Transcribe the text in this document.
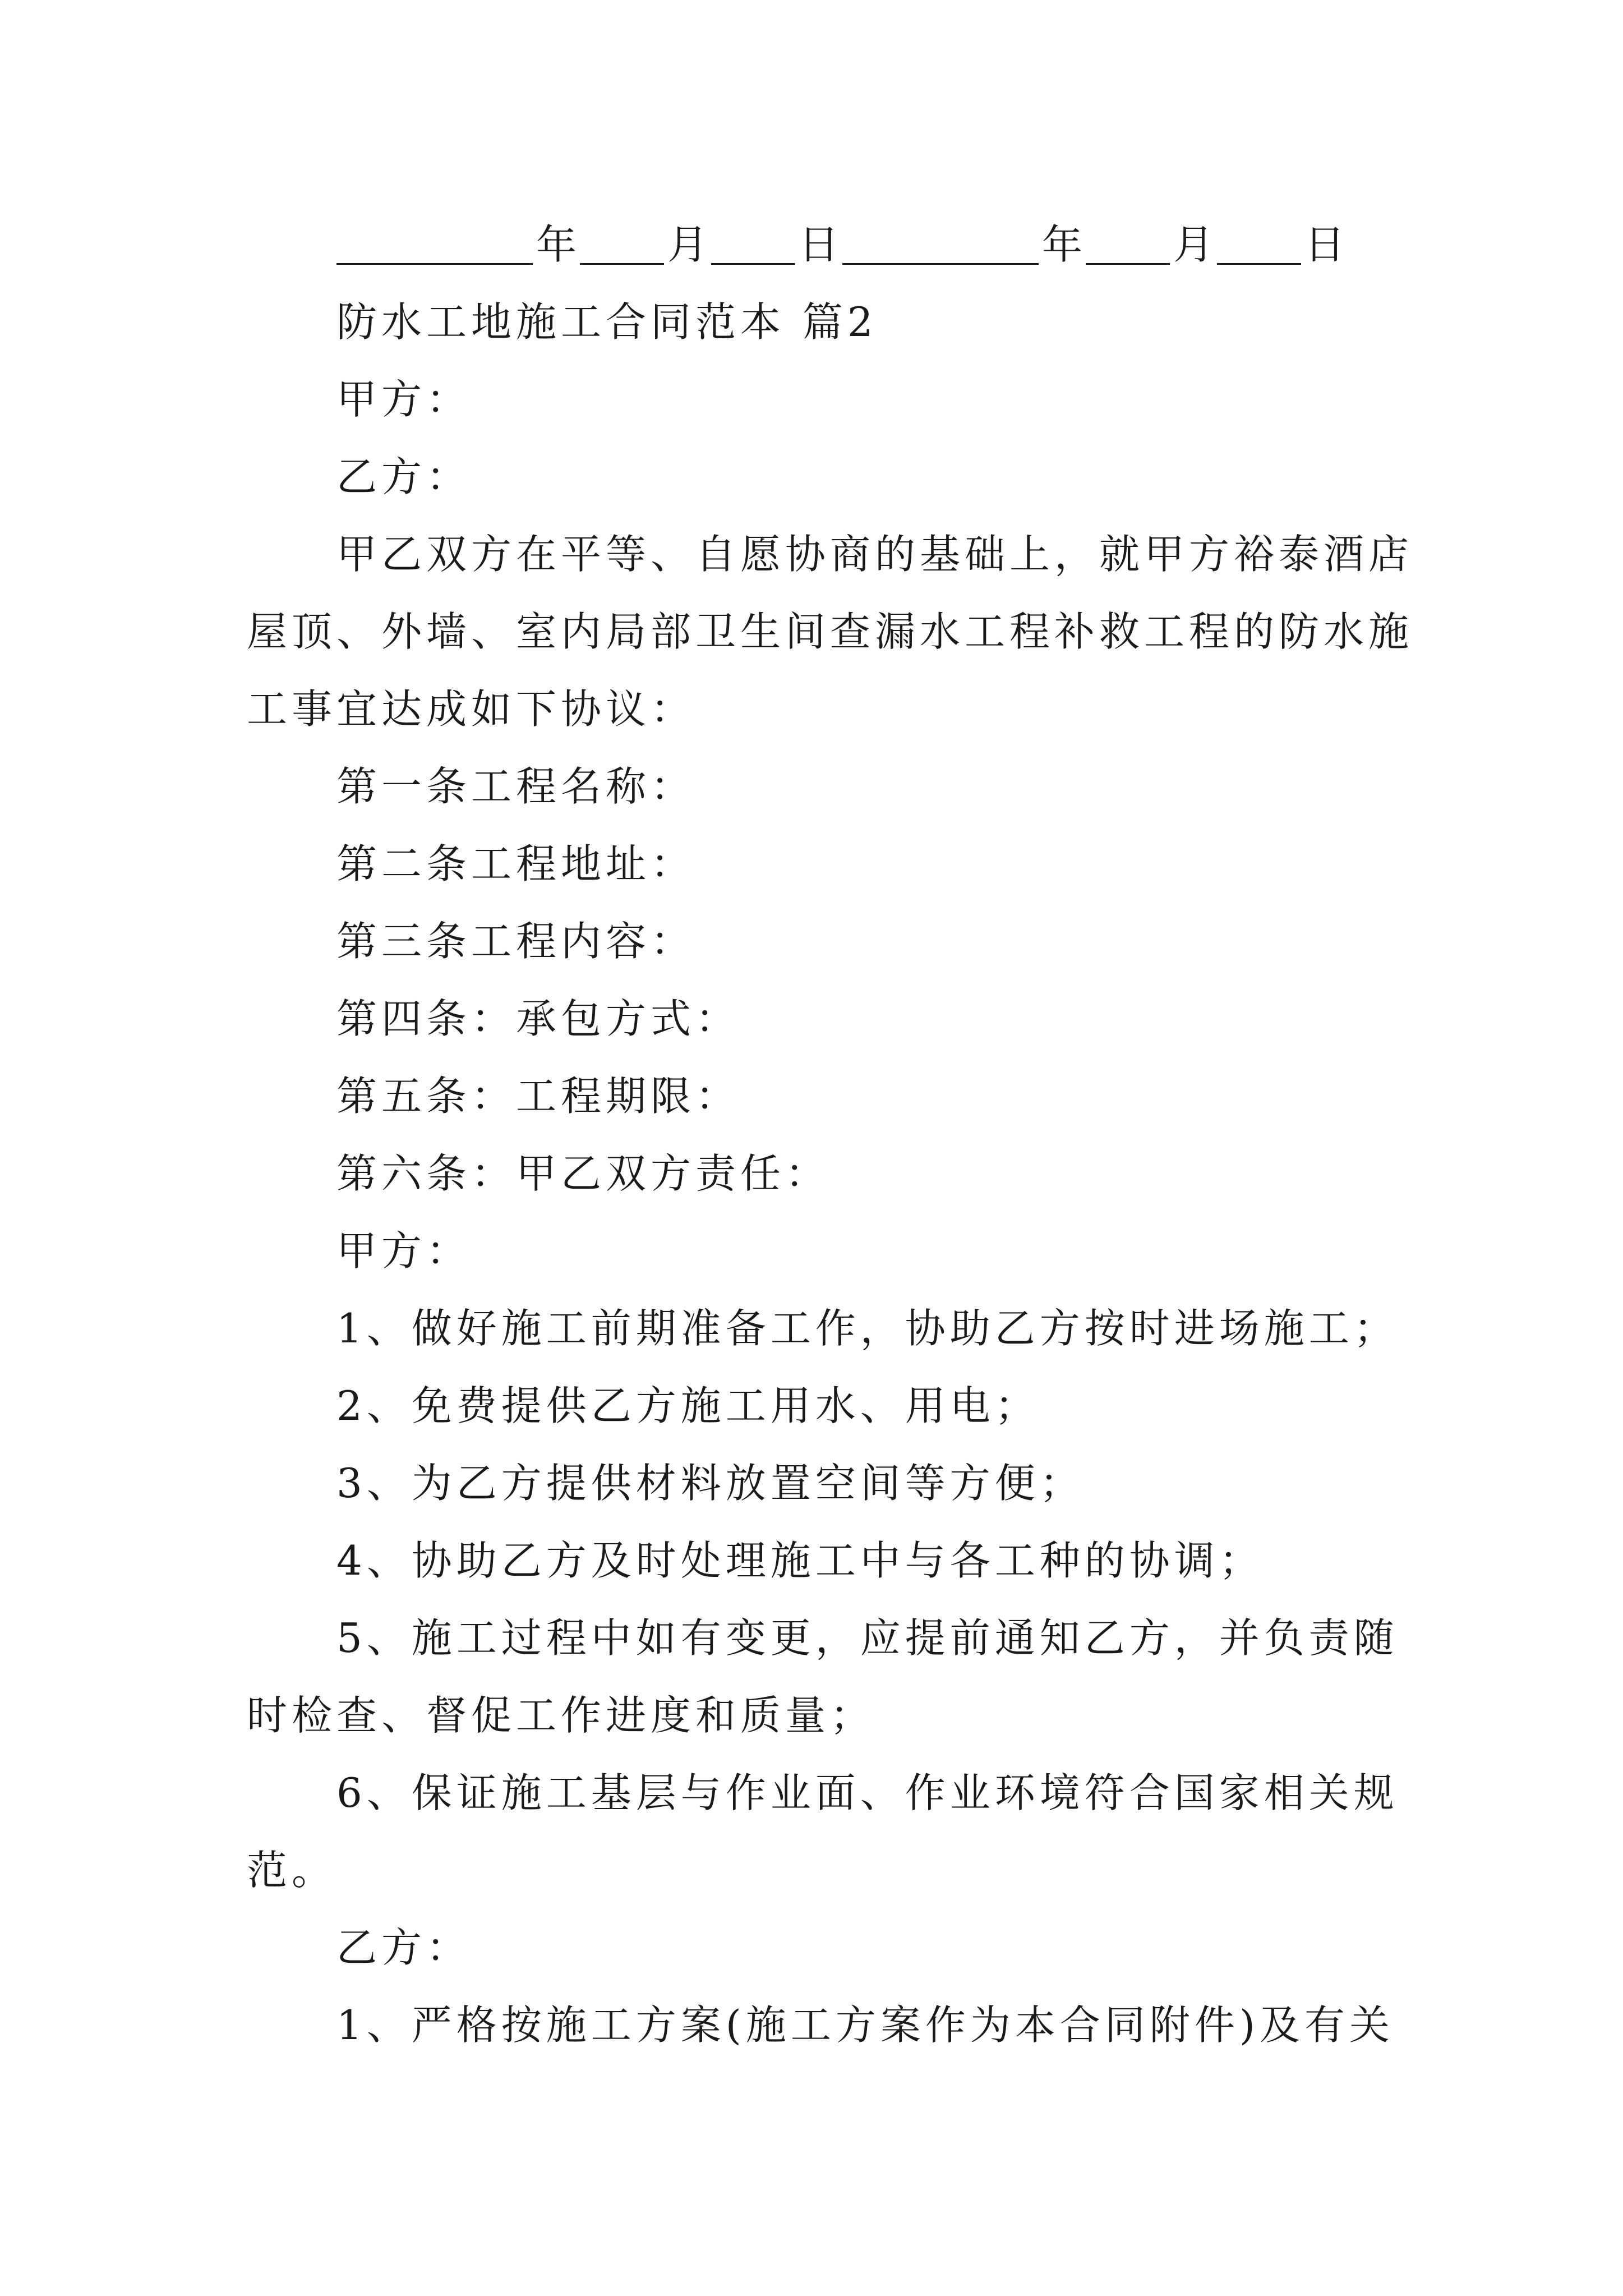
年 月 日	年 月 日
防水工地施工合同范本 篇2
甲方：
乙方：
甲乙双方在平等、自愿协商的基础上，就甲方裕泰酒店
屋顶、外墙、室内局部卫生间查漏水工程补救工程的防水施
工事宜达成如下协议：
第一条工程名称：
第二条工程地址：
第三条工程内容：
第四条：承包方式：
第五条：工程期限：
第六条：甲乙双方责任：
甲方：
1、做好施工前期准备工作，协助乙方按时进场施工；
2、免费提供乙方施工用水、用电；
3、为乙方提供材料放置空间等方便；
4、协助乙方及时处理施工中与各工种的协调；
5、施工过程中如有变更，应提前通知乙方，并负责随
时检查、督促工作进度和质量；
6、保证施工基层与作业面、作业环境符合国家相关规
范。
乙方：
1、严格按施工方案(施工方案作为本合同附件)及有关
